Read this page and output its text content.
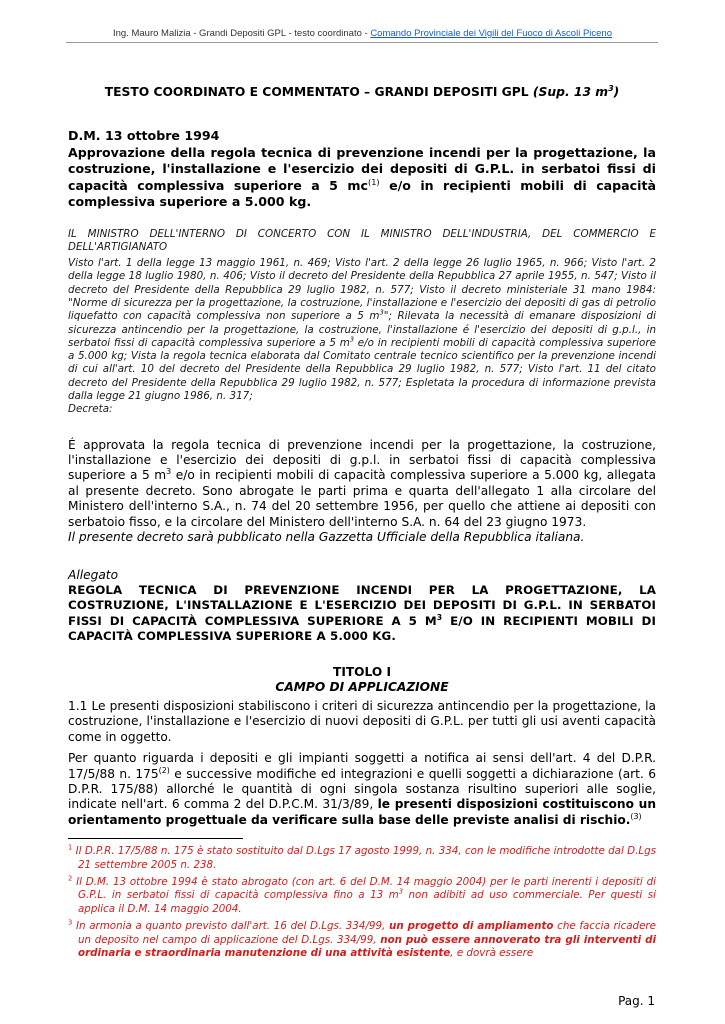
Ing. Mauro Malizia - Grandi Depositi GPL - testo coordinato - Comando Provinciale dei Vigili del Fuoco di Ascoli Piceno
TESTO COORDINATO E COMMENTATO – GRANDI DEPOSITI GPL (Sup. 13 $m^3$)
D.M. 13 ottobre 1994
Approvazione della regola tecnica di prevenzione incendi per la progettazione, la costruzione, l'installazione e l'esercizio dei depositi di G.P.L. in serbatoi fissi di capacità complessiva superiore a 5 $mc^{(1)}$ e/o in recipienti mobili di capacità complessiva superiore a 5.000 kg.
IL MINISTRO DELL'INTERNO DI CONCERTO CON IL MINISTRO DELL'INDUSTRIA, DEL COMMERCIO E DELL'ARTIGIANATO
Visto l'art. 1 della legge 13 maggio 1961, n. 469; Visto l'art. 2 della legge 26 luglio 1965, n. 966; Visto l'art. 2 della legge 18 luglio 1980, n. 406; Visto il decreto del Presidente della Repubblica 27 aprile 1955, n. 547; Visto il decreto del Presidente della Repubblica 29 luglio 1982, n. 577; Visto il decreto ministeriale 31 mano 1984: "Norme di sicurezza per la progettazione, la costruzione, l'installazione e l'esercizio dei depositi di gas di petrolio liquefatto con capacità complessiva non superiore a 5 $m^3$"; Rilevata la necessità di emanare disposizioni di sicurezza antincendio per la progettazione, la costruzione, l'installazione é l'esercizio dei depositi di g.p.l., in serbatoi fissi di capacità complessiva superiore a 5 $m^3$ e/o in recipienti mobili di capacità complessiva superiore a 5.000 kg; Vista la regola tecnica elaborata dal Comitato centrale tecnico scientifico per la prevenzione incendi di cui all'art. 10 del decreto del Presidente della Repubblica 29 luglio 1982, n. 577; Visto l'art. 11 del citato decreto del Presidente della Repubblica 29 luglio 1982, n. 577; Espletata la procedura di informazione prevista dalla legge 21 giugno 1986, n. 317;
Decreta:
É approvata la regola tecnica di prevenzione incendi per la progettazione, la costruzione, l'installazione e l'esercizio dei depositi di g.p.l. in serbatoi fissi di capacità complessiva superiore a 5 $m^3$ e/o in recipienti mobili di capacità complessiva superiore a 5.000 kg, allegata al presente decreto. Sono abrogate le parti prima e quarta dell'allegato 1 alla circolare del Ministero dell'interno S.A., n. 74 del 20 settembre 1956, per quello che attiene ai depositi con serbatoio fisso, e la circolare del Ministero dell'interno S.A. n. 64 del 23 giugno 1973.
Il presente decreto sarà pubblicato nella Gazzetta Ufficiale della Repubblica italiana.
Allegato
REGOLA TECNICA DI PREVENZIONE INCENDI PER LA PROGETTAZIONE, LA COSTRUZIONE, L'INSTALLAZIONE E L'ESERCIZIO DEI DEPOSITI DI G.P.L. IN SERBATOI FISSI DI CAPACITÀ COMPLESSIVA SUPERIORE A 5 $M^3$ E/O IN RECIPIENTI MOBILI DI CAPACITÀ COMPLESSIVA SUPERIORE A 5.000 KG.
TITOLO I
CAMPO DI APPLICAZIONE
1.1 Le presenti disposizioni stabiliscono i criteri di sicurezza antincendio per la progettazione, la costruzione, l'installazione e l'esercizio di nuovi depositi di G.P.L. per tutti gli usi aventi capacità come in oggetto.
Per quanto riguarda i depositi e gli impianti soggetti a notifica ai sensi dell'art. 4 del D.P.R. 17/5/88 n. 175$^{(2)}$ e successive modifiche ed integrazioni e quelli soggetti a dichiarazione (art. 6 D.P.R. 175/88) allorché le quantità di ogni singola sostanza risultino superiori alle soglie, indicate nell'art. 6 comma 2 del D.P.C.M. 31/3/89, le presenti disposizioni costituiscono un orientamento progettuale da verificare sulla base delle previste analisi di rischio.$^{(3)}$
$^1$ Il D.P.R. 17/5/88 n. 175 è stato sostituito dal D.Lgs 17 agosto 1999, n. 334, con le modifiche introdotte dal D.Lgs 21 settembre 2005 n. 238.
$^2$ Il D.M. 13 ottobre 1994 è stato abrogato (con art. 6 del D.M. 14 maggio 2004) per le parti inerenti i depositi di G.P.L. in serbatoi fissi di capacità complessiva fino a 13 $m^3$ non adibiti ad uso commerciale. Per questi si applica il D.M. 14 maggio 2004.
$^3$ In armonia a quanto previsto dall'art. 16 del D.Lgs. 334/99, un progetto di ampliamento che faccia ricadere un deposito nel campo di applicazione del D.Lgs. 334/99, non può essere annoverato tra gli interventi di ordinaria e straordinaria manutenzione di una attività esistente, e dovrà essere
Pag. 1
